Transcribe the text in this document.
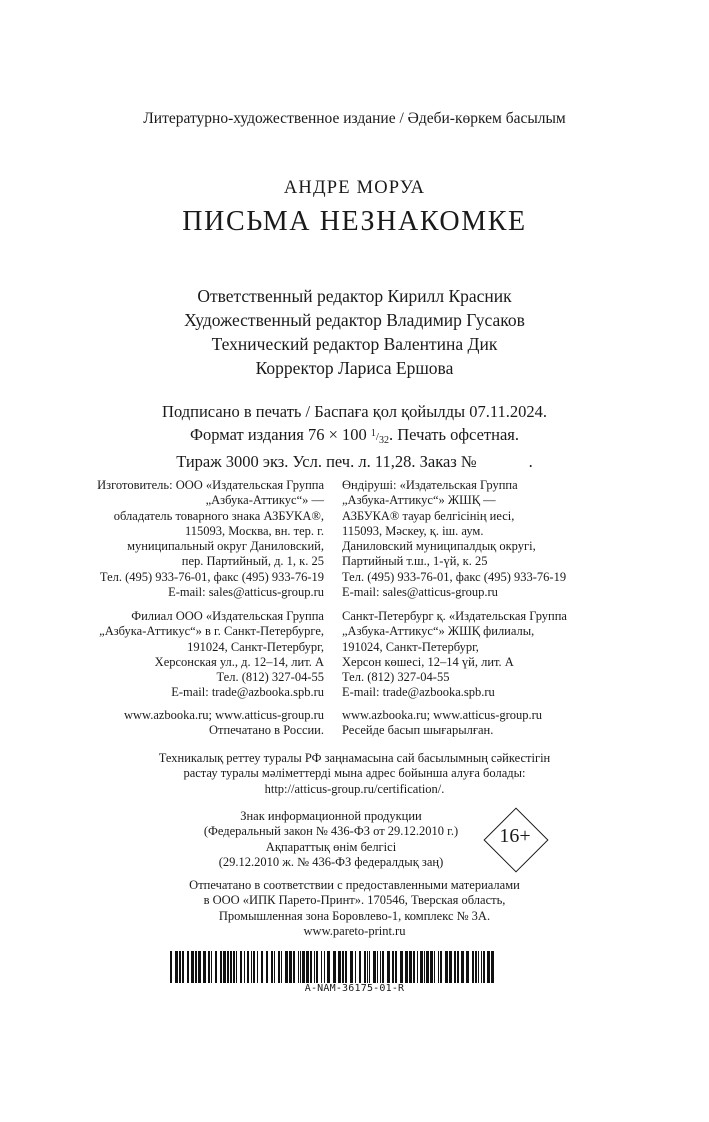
Литературно-художественное издание / Әдеби-көркем басылым
АНДРЕ МОРУА
ПИСЬМА НЕЗНАКОМКЕ
Ответственный редактор Кирилл Красник
Художественный редактор Владимир Гусаков
Технический редактор Валентина Дик
Корректор Лариса Ершова
Подписано в печать / Баспаға қол қойылды 07.11.2024.
Формат издания 76 × 100 $^1/_{32}$. Печать офсетная.
Тираж 3000 экз. Усл. печ. л. 11,28. Заказ №	.
Изготовитель: ООО «Издательская Группа
„Азбука-Аттикус“» —
обладатель товарного знака АЗБУКА®,
115093, Москва, вн. тер. г.
муниципальный округ Даниловский,
пер. Партийный, д. 1, к. 25
Тел. (495) 933-76-01, факс (495) 933-76-19
E-mail: sales@atticus-group.ru
Өндіруші: «Издательская Группа
„Азбука-Аттикус“» ЖШҚ —
АЗБУКА® тауар белгісінің иесі,
115093, Мәскеу, қ. іш. аум.
Даниловский муниципалдық округі,
Партийный т.ш., 1-үй, к. 25
Тел. (495) 933-76-01, факс (495) 933-76-19
E-mail: sales@atticus-group.ru
Филиал ООО «Издательская Группа
„Азбука-Аттикус“» в г. Санкт-Петербурге,
191024, Санкт-Петербург,
Херсонская ул., д. 12–14, лит. А
Тел. (812) 327-04-55
E-mail: trade@azbooka.spb.ru
Санкт-Петербург қ. «Издательская Группа
„Азбука-Аттикус“» ЖШҚ филиалы,
191024, Санкт-Петербург,
Херсон көшесі, 12–14 үй, лит. А
Тел. (812) 327-04-55
E-mail: trade@azbooka.spb.ru
www.azbooka.ru; www.atticus-group.ru
Отпечатано в России.
www.azbooka.ru; www.atticus-group.ru
Ресейде басып шығарылған.
Техникалық реттеу туралы РФ заңнамасына сай басылымның сәйкестігін
растау туралы мәліметтерді мына адрес бойынша алуға болады:
http://atticus-group.ru/certification/.
Знак информационной продукции
(Федеральный закон № 436-ФЗ от 29.12.2010 г.)
Ақпараттық өнім белгісі
(29.12.2010 ж. № 436-ФЗ федералдық заң)
16+
Отпечатано в соответствии с предоставленными материалами
в ООО «ИПК Парето-Принт». 170546, Тверская область,
Промышленная зона Боровлево-1, комплекс № 3А.
www.pareto-print.ru
A-NAM-36175-01-R
